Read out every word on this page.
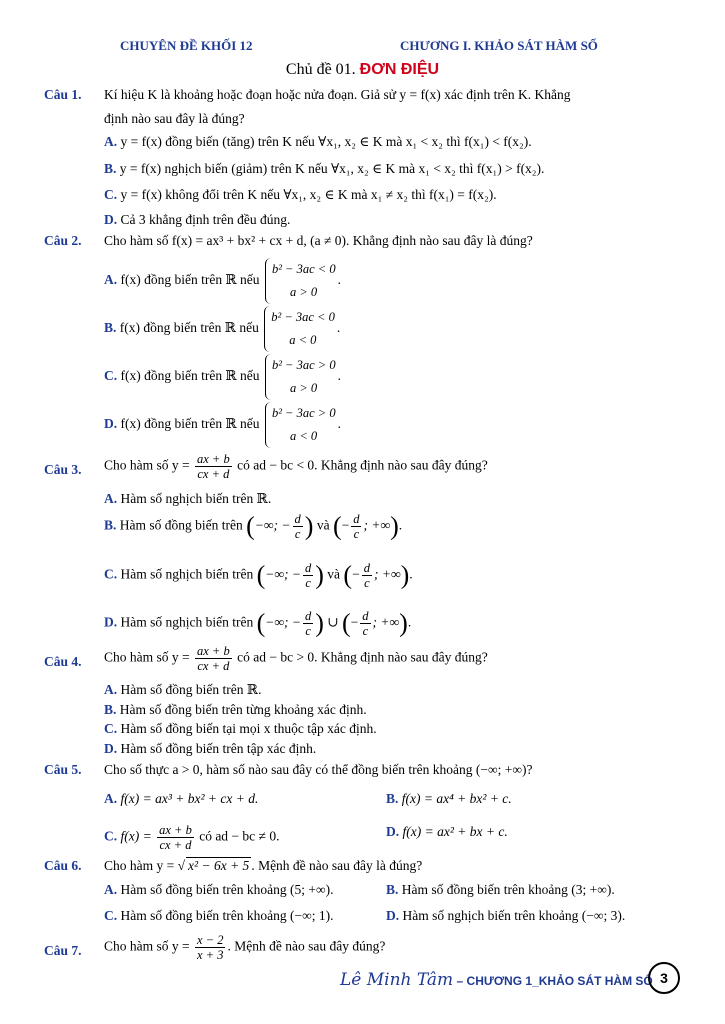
CHUYÊN ĐỀ KHỐI 12	CHƯƠNG I. KHẢO SÁT HÀM SỐ
Chủ đề 01. ĐƠN ĐIỆU
Câu 1. Kí hiệu K là khoảng hoặc đoạn hoặc nửa đoạn. Giả sử y = f(x) xác định trên K. Khẳng
định nào sau đây là đúng?
A. y = f(x) đồng biến (tăng) trên K nếu ∀x₁, x₂ ∈ K mà x₁ < x₂ thì f(x₁) < f(x₂).
B. y = f(x) nghịch biến (giảm) trên K nếu ∀x₁, x₂ ∈ K mà x₁ < x₂ thì f(x₁) > f(x₂).
C. y = f(x) không đổi trên K nếu ∀x₁, x₂ ∈ K mà x₁ ≠ x₂ thì f(x₁) = f(x₂).
D. Cả 3 khẳng định trên đều đúng.
Câu 2. Cho hàm số f(x) = ax³ + bx² + cx + d, (a ≠ 0). Khẳng định nào sau đây là đúng?
A. f(x) đồng biến trên ℝ nếu
b² − 3ac < 0
a > 0
.
B. f(x) đồng biến trên ℝ nếu
b² − 3ac < 0
a < 0
.
C. f(x) đồng biến trên ℝ nếu
b² − 3ac > 0
a > 0
.
D. f(x) đồng biến trên ℝ nếu
b² − 3ac > 0
a < 0
.
Câu 3. Cho hàm số $y = \frac{ax + b}{cx + d}$ có ad − bc < 0. Khẳng định nào sau đây đúng?
A. Hàm số nghịch biến trên ℝ.
B. Hàm số đồng biến trên (−∞; − $\frac{d}{c}$ ) và (− $\frac{d}{c}$ ; +∞).
C. Hàm số nghịch biến trên (−∞; − $\frac{d}{c}$ ) và (− $\frac{d}{c}$ ; +∞).
D. Hàm số nghịch biến trên (−∞; − $\frac{d}{c}$ ) ∪ (− $\frac{d}{c}$ ; +∞).
Câu 4. Cho hàm số $y = \frac{ax + b}{cx + d}$ có ad − bc > 0. Khẳng định nào sau đây đúng?
A. Hàm số đồng biến trên ℝ.
B. Hàm số đồng biến trên từng khoảng xác định.
C. Hàm số đồng biến tại mọi x thuộc tập xác định.
D. Hàm số đồng biến trên tập xác định.
Câu 5. Cho số thực a > 0, hàm số nào sau đây có thể đồng biến trên khoảng (−∞; +∞)?
A. f(x) = ax³ + bx² + cx + d.	B. f(x) = ax⁴ + bx² + c.
C. $f(x) = \frac{ax + b}{cx + d}$ có ad − bc ≠ 0.	D. f(x) = ax² + bx + c.
Câu 6. Cho hàm y = √ x² − 6x + 5 . Mệnh đề nào sau đây là đúng?
A. Hàm số đồng biến trên khoảng (5; +∞).	B. Hàm số đồng biến trên khoảng (3; +∞).
C. Hàm số đồng biến trên khoảng (−∞; 1).	D. Hàm số nghịch biến trên khoảng (−∞; 3).
Câu 7. Cho hàm số $y = \frac{x - 2}{x + 3}$ . Mệnh đề nào sau đây đúng?
Lê Minh Tâm – CHƯƠNG 1_KHẢO SÁT HÀM SỐ 3
